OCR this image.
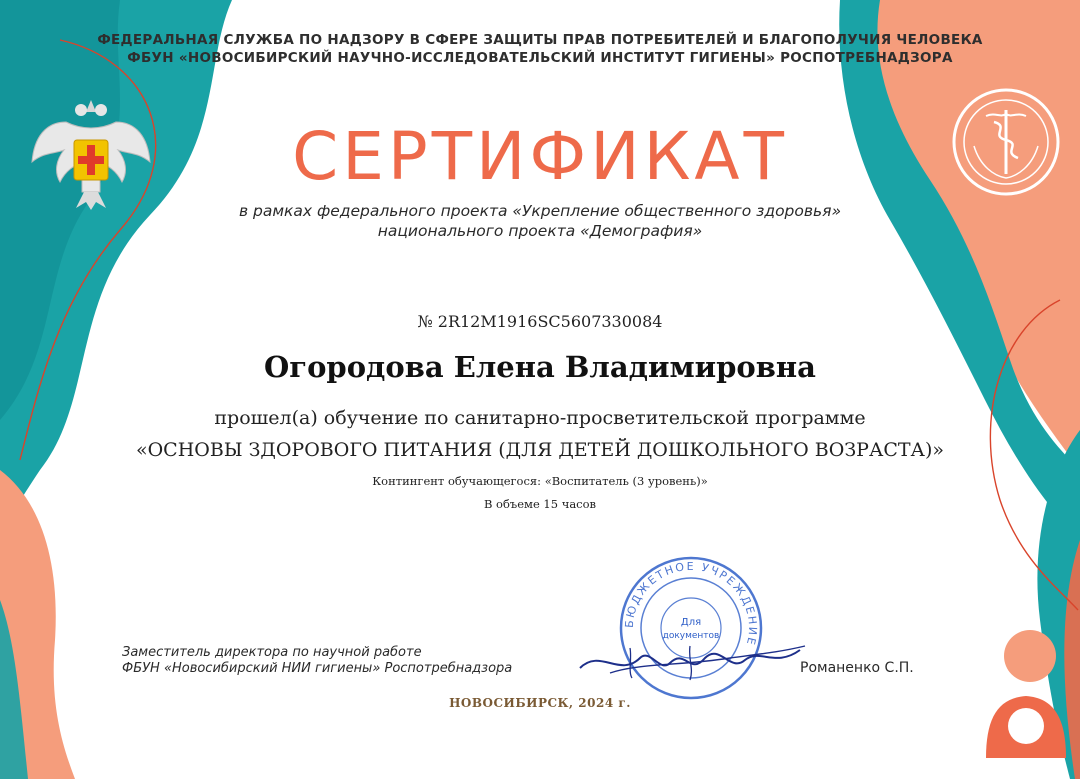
ФЕДЕРАЛЬНАЯ СЛУЖБА ПО НАДЗОРУ В СФЕРЕ ЗАЩИТЫ ПРАВ ПОТРЕБИТЕЛЕЙ И БЛАГОПОЛУЧИЯ ЧЕЛОВЕКА
ФБУН «НОВОСИБИРСКИЙ НАУЧНО-ИССЛЕДОВАТЕЛЬСКИЙ ИНСТИТУТ ГИГИЕНЫ» РОСПОТРЕБНАДЗОРА
СЕРТИФИКАТ
в рамках федерального проекта «Укрепление общественного здоровья»
национального проекта «Демография»
№ 2R12M1916SC5607330084
Огородова Елена Владимировна
прошел(а) обучение по санитарно-просветительской программе
«ОСНОВЫ ЗДОРОВОГО ПИТАНИЯ (ДЛЯ ДЕТЕЙ ДОШКОЛЬНОГО ВОЗРАСТА)»
Контингент обучающегося: «Воспитатель (3 уровень)»
В объеме 15 часов
БЮДЖЕТНОЕ УЧРЕЖДЕНИЕ
Для
документов
Заместитель директора по научной работе
ФБУН «Новосибирский НИИ гигиены» Роспотребнадзора	Романенко С.П.
НОВОСИБИРСК, 2024 г.
